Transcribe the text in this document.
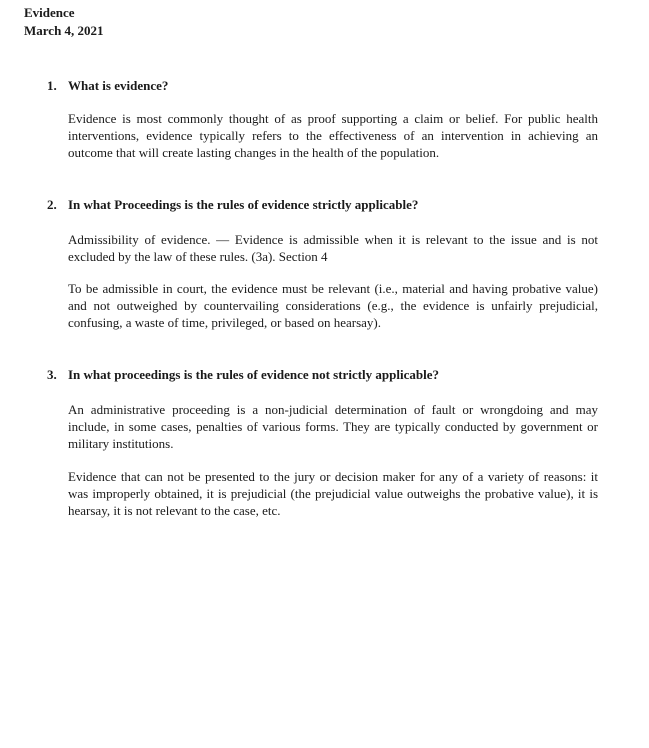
Evidence
March 4, 2021
1. What is evidence?
Evidence is most commonly thought of as proof supporting a claim or belief. For public health interventions, evidence typically refers to the effectiveness of an intervention in achieving an outcome that will create lasting changes in the health of the population.
2. In what Proceedings is the rules of evidence strictly applicable?
Admissibility of evidence. — Evidence is admissible when it is relevant to the issue and is not excluded by the law of these rules. (3a). Section 4
To be admissible in court, the evidence must be relevant (i.e., material and having probative value) and not outweighed by countervailing considerations (e.g., the evidence is unfairly prejudicial, confusing, a waste of time, privileged, or based on hearsay).
3. In what proceedings is the rules of evidence not strictly applicable?
An administrative proceeding is a non-judicial determination of fault or wrongdoing and may include, in some cases, penalties of various forms. They are typically conducted by government or military institutions.
Evidence that can not be presented to the jury or decision maker for any of a variety of reasons: it was improperly obtained, it is prejudicial (the prejudicial value outweighs the probative value), it is hearsay, it is not relevant to the case, etc.
